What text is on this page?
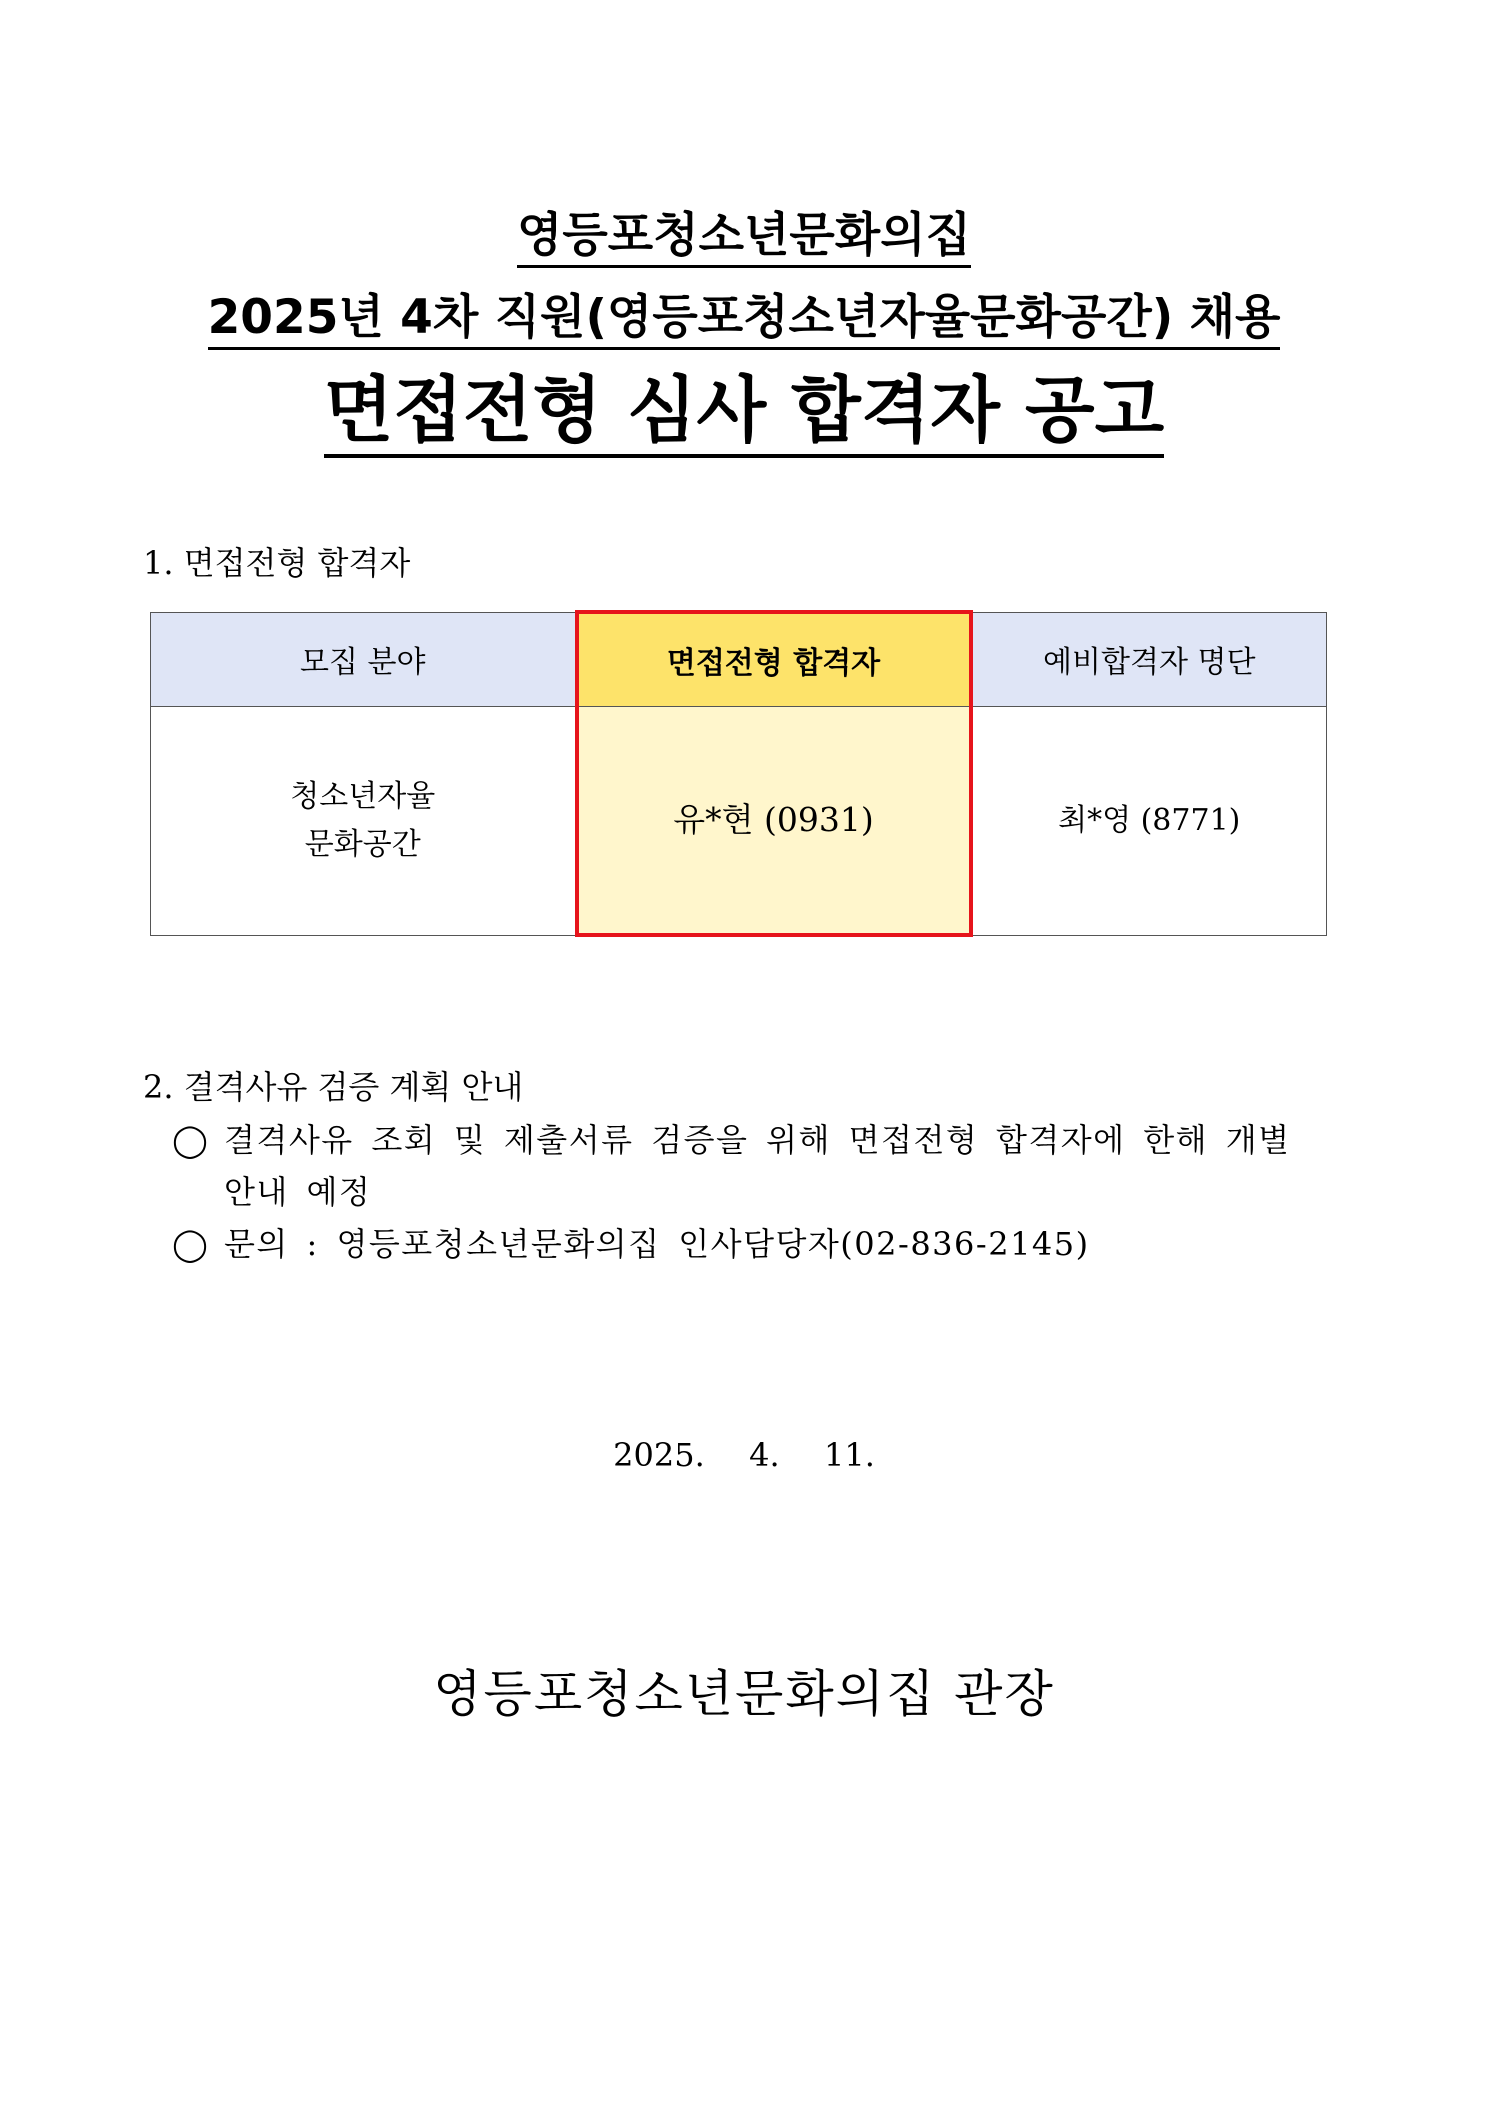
영등포청소년문화의집
2025년 4차 직원(영등포청소년자율문화공간) 채용
면접전형 심사 합격자 공고
1. 면접전형 합격자
모집 분야	면접전형 합격자	예비합격자 명단

청소년자율
문화공간	유*현 (0931)	최*영 (8771)
2. 결격사유 검증 계획 안내
◯ 결격사유 조회 및 제출서류 검증을 위해 면접전형 합격자에 한해 개별
안내 예정
◯ 문의 : 영등포청소년문화의집 인사담당자(02-836-2145)
2025.  4.  11.
영등포청소년문화의집 관장
